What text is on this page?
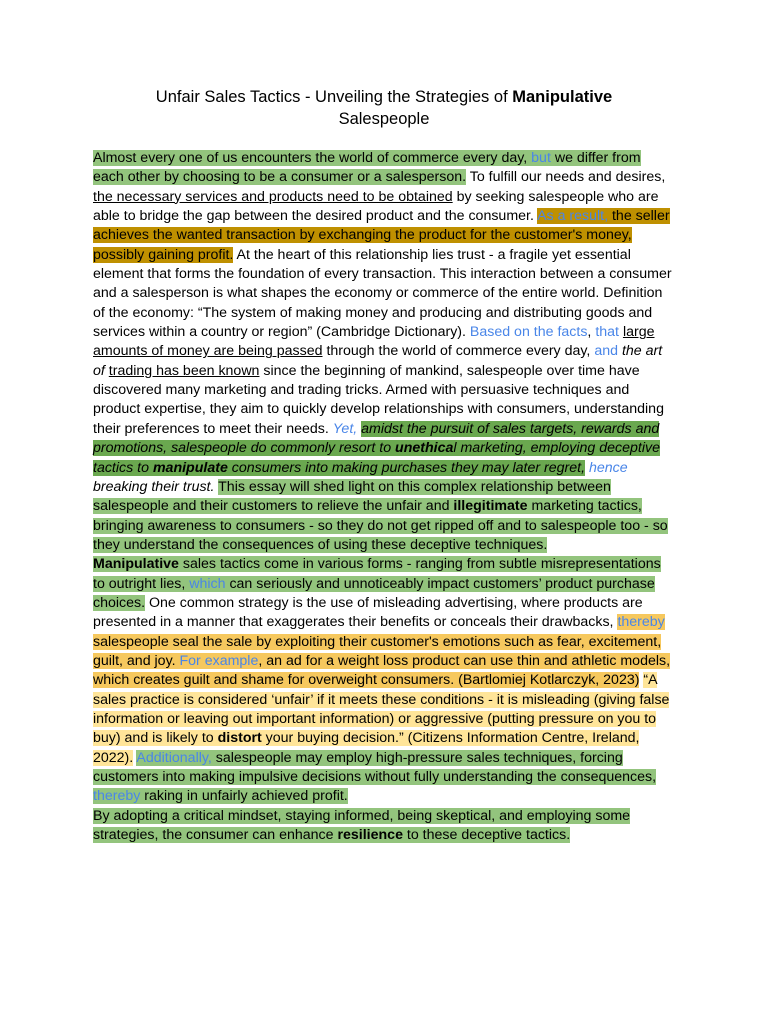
Unfair Sales Tactics - Unveiling the Strategies of Manipulative
Salespeople

Almost every one of us encounters the world of commerce every day, but we differ from each other by choosing to be a consumer or a salesperson. To fulfill our needs and desires, the necessary services and products need to be obtained by seeking salespeople who are able to bridge the gap between the desired product and the consumer. As a result, the seller achieves the wanted transaction by exchanging the product for the customer's money, possibly gaining profit. At the heart of this relationship lies trust - a fragile yet essential element that forms the foundation of every transaction. This interaction between a consumer and a salesperson is what shapes the economy or commerce of the entire world. Definition of the economy: “The system of making money and producing and distributing goods and services within a country or region” (Cambridge Dictionary). Based on the facts, that large amounts of money are being passed through the world of commerce every day, and the art of trading has been known since the beginning of mankind, salespeople over time have discovered many marketing and trading tricks. Armed with persuasive techniques and product expertise, they aim to quickly develop relationships with consumers, understanding their preferences to meet their needs. Yet, amidst the pursuit of sales targets, rewards and promotions, salespeople do commonly resort to unethical marketing, employing deceptive tactics to manipulate consumers into making purchases they may later regret, hence breaking their trust. This essay will shed light on this complex relationship between salespeople and their customers to relieve the unfair and illegitimate marketing tactics, bringing awareness to consumers - so they do not get ripped off and to salespeople too - so they understand the consequences of using these deceptive techniques.

Manipulative sales tactics come in various forms - ranging from subtle misrepresentations to outright lies, which can seriously and unnoticeably impact customers’ product purchase choices. One common strategy is the use of misleading advertising, where products are presented in a manner that exaggerates their benefits or conceals their drawbacks, thereby salespeople seal the sale by exploiting their customer's emotions such as fear, excitement, guilt, and joy. For example, an ad for a weight loss product can use thin and athletic models, which creates guilt and shame for overweight consumers. (Bartlomiej Kotlarczyk, 2023) “A sales practice is considered ‘unfair’ if it meets these conditions - it is misleading (giving false information or leaving out important information) or aggressive (putting pressure on you to buy) and is likely to distort your buying decision.” (Citizens Information Centre, Ireland, 2022). Additionally, salespeople may employ high-pressure sales techniques, forcing customers into making impulsive decisions without fully understanding the consequences, thereby raking in unfairly achieved profit.

By adopting a critical mindset, staying informed, being skeptical, and employing some strategies, the consumer can enhance resilience to these deceptive tactics.
